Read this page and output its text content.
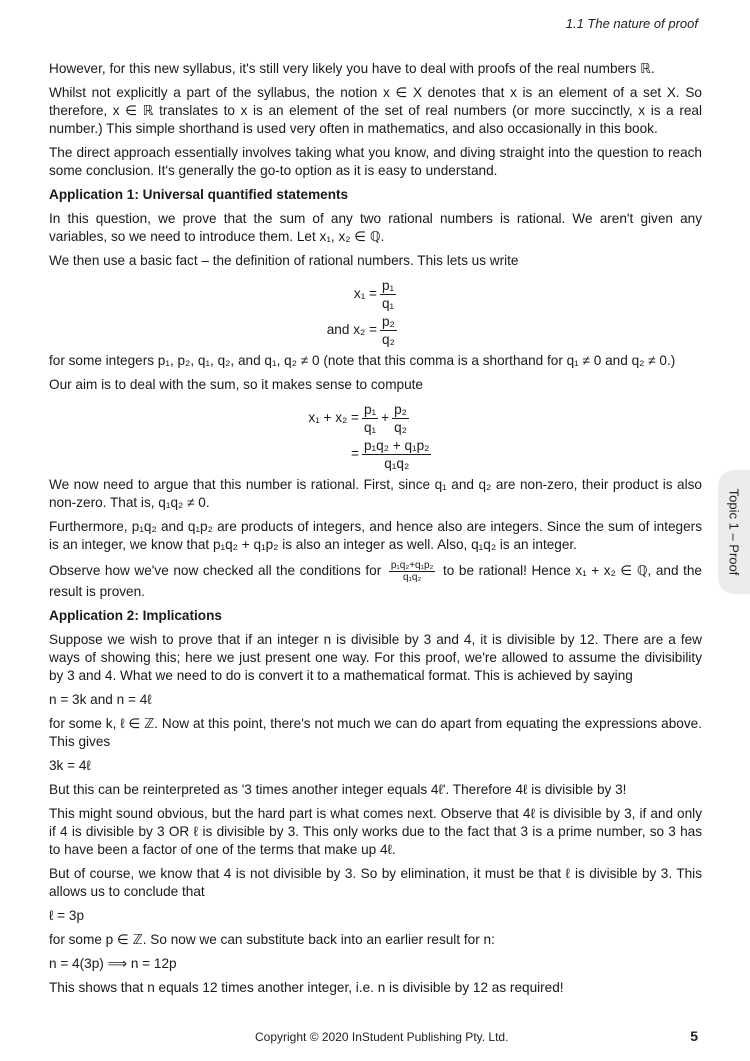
1.1 The nature of proof
Topic 1 – Proof

However, for this new syllabus, it's still very likely you have to deal with proofs of the real numbers ℝ.

Whilst not explicitly a part of the syllabus, the notion x ∈ X denotes that x is an element of a set X. So therefore, x ∈ ℝ translates to x is an element of the set of real numbers (or more succinctly, x is a real number.) This simple shorthand is used very often in mathematics, and also occasionally in this book.

The direct approach essentially involves taking what you know, and diving straight into the question to reach some conclusion. It's generally the go-to option as it is easy to understand.

Application 1: Universal quantified statements

In this question, we prove that the sum of any two rational numbers is rational. We aren't given any variables, so we need to introduce them. Let x₁, x₂ ∈ ℚ.

We then use a basic fact – the definition of rational numbers. This lets us write

$x_1 = \frac{\text{p₁}}{\text{q₁}}$
and $x_2 = \frac{\text{p₂}}{\text{q₂}}$

for some integers p₁, p₂, q₁, q₂, and q₁, q₂ ≠ 0 (note that this comma is a shorthand for q₁ ≠ 0 and q₂ ≠ 0.)

Our aim is to deal with the sum, so it makes sense to compute

$x_1 + x_2 = \frac{\text{p₁}}{\text{q₁}} + \frac{\text{p₂}}{\text{q₂}}$
= $\frac{\text{p₁q₂ + q₁p₂}}{\text{q₁q₂}}$

We now need to argue that this number is rational. First, since q₁ and q₂ are non-zero, their product is also non-zero. That is, q₁q₂ ≠ 0.

Furthermore, p₁q₂ and q₁p₂ are products of integers, and hence also are integers. Since the sum of integers is an integer, we know that p₁q₂ + q₁p₂ is also an integer as well. Also, q₁q₂ is an integer.

Observe how we've now checked all the conditions for $\frac{\text{p₁q₂+q₁p₂}}{\text{q₁q₂}}$ to be rational! Hence x₁ + x₂ ∈ ℚ, and the result is proven.

Application 2: Implications

Suppose we wish to prove that if an integer n is divisible by 3 and 4, it is divisible by 12. There are a few ways of showing this; here we just present one way. For this proof, we're allowed to assume the divisibility by 3 and 4. What we need to do is convert it to a mathematical format. This is achieved by saying

n = 3k and n = 4ℓ

for some k, ℓ ∈ ℤ. Now at this point, there's not much we can do apart from equating the expressions above. This gives

3k = 4ℓ

But this can be reinterpreted as '3 times another integer equals 4ℓ'. Therefore 4ℓ is divisible by 3!

This might sound obvious, but the hard part is what comes next. Observe that 4ℓ is divisible by 3, if and only if 4 is divisible by 3 OR ℓ is divisible by 3. This only works due to the fact that 3 is a prime number, so 3 has to have been a factor of one of the terms that make up 4ℓ.

But of course, we know that 4 is not divisible by 3. So by elimination, it must be that ℓ is divisible by 3. This allows us to conclude that

ℓ = 3p

for some p ∈ ℤ. So now we can substitute back into an earlier result for n:

n = 4(3p) ⟹ n = 12p

This shows that n equals 12 times another integer, i.e. n is divisible by 12 as required!

Copyright © 2020 InStudent Publishing Pty. Ltd.	5
